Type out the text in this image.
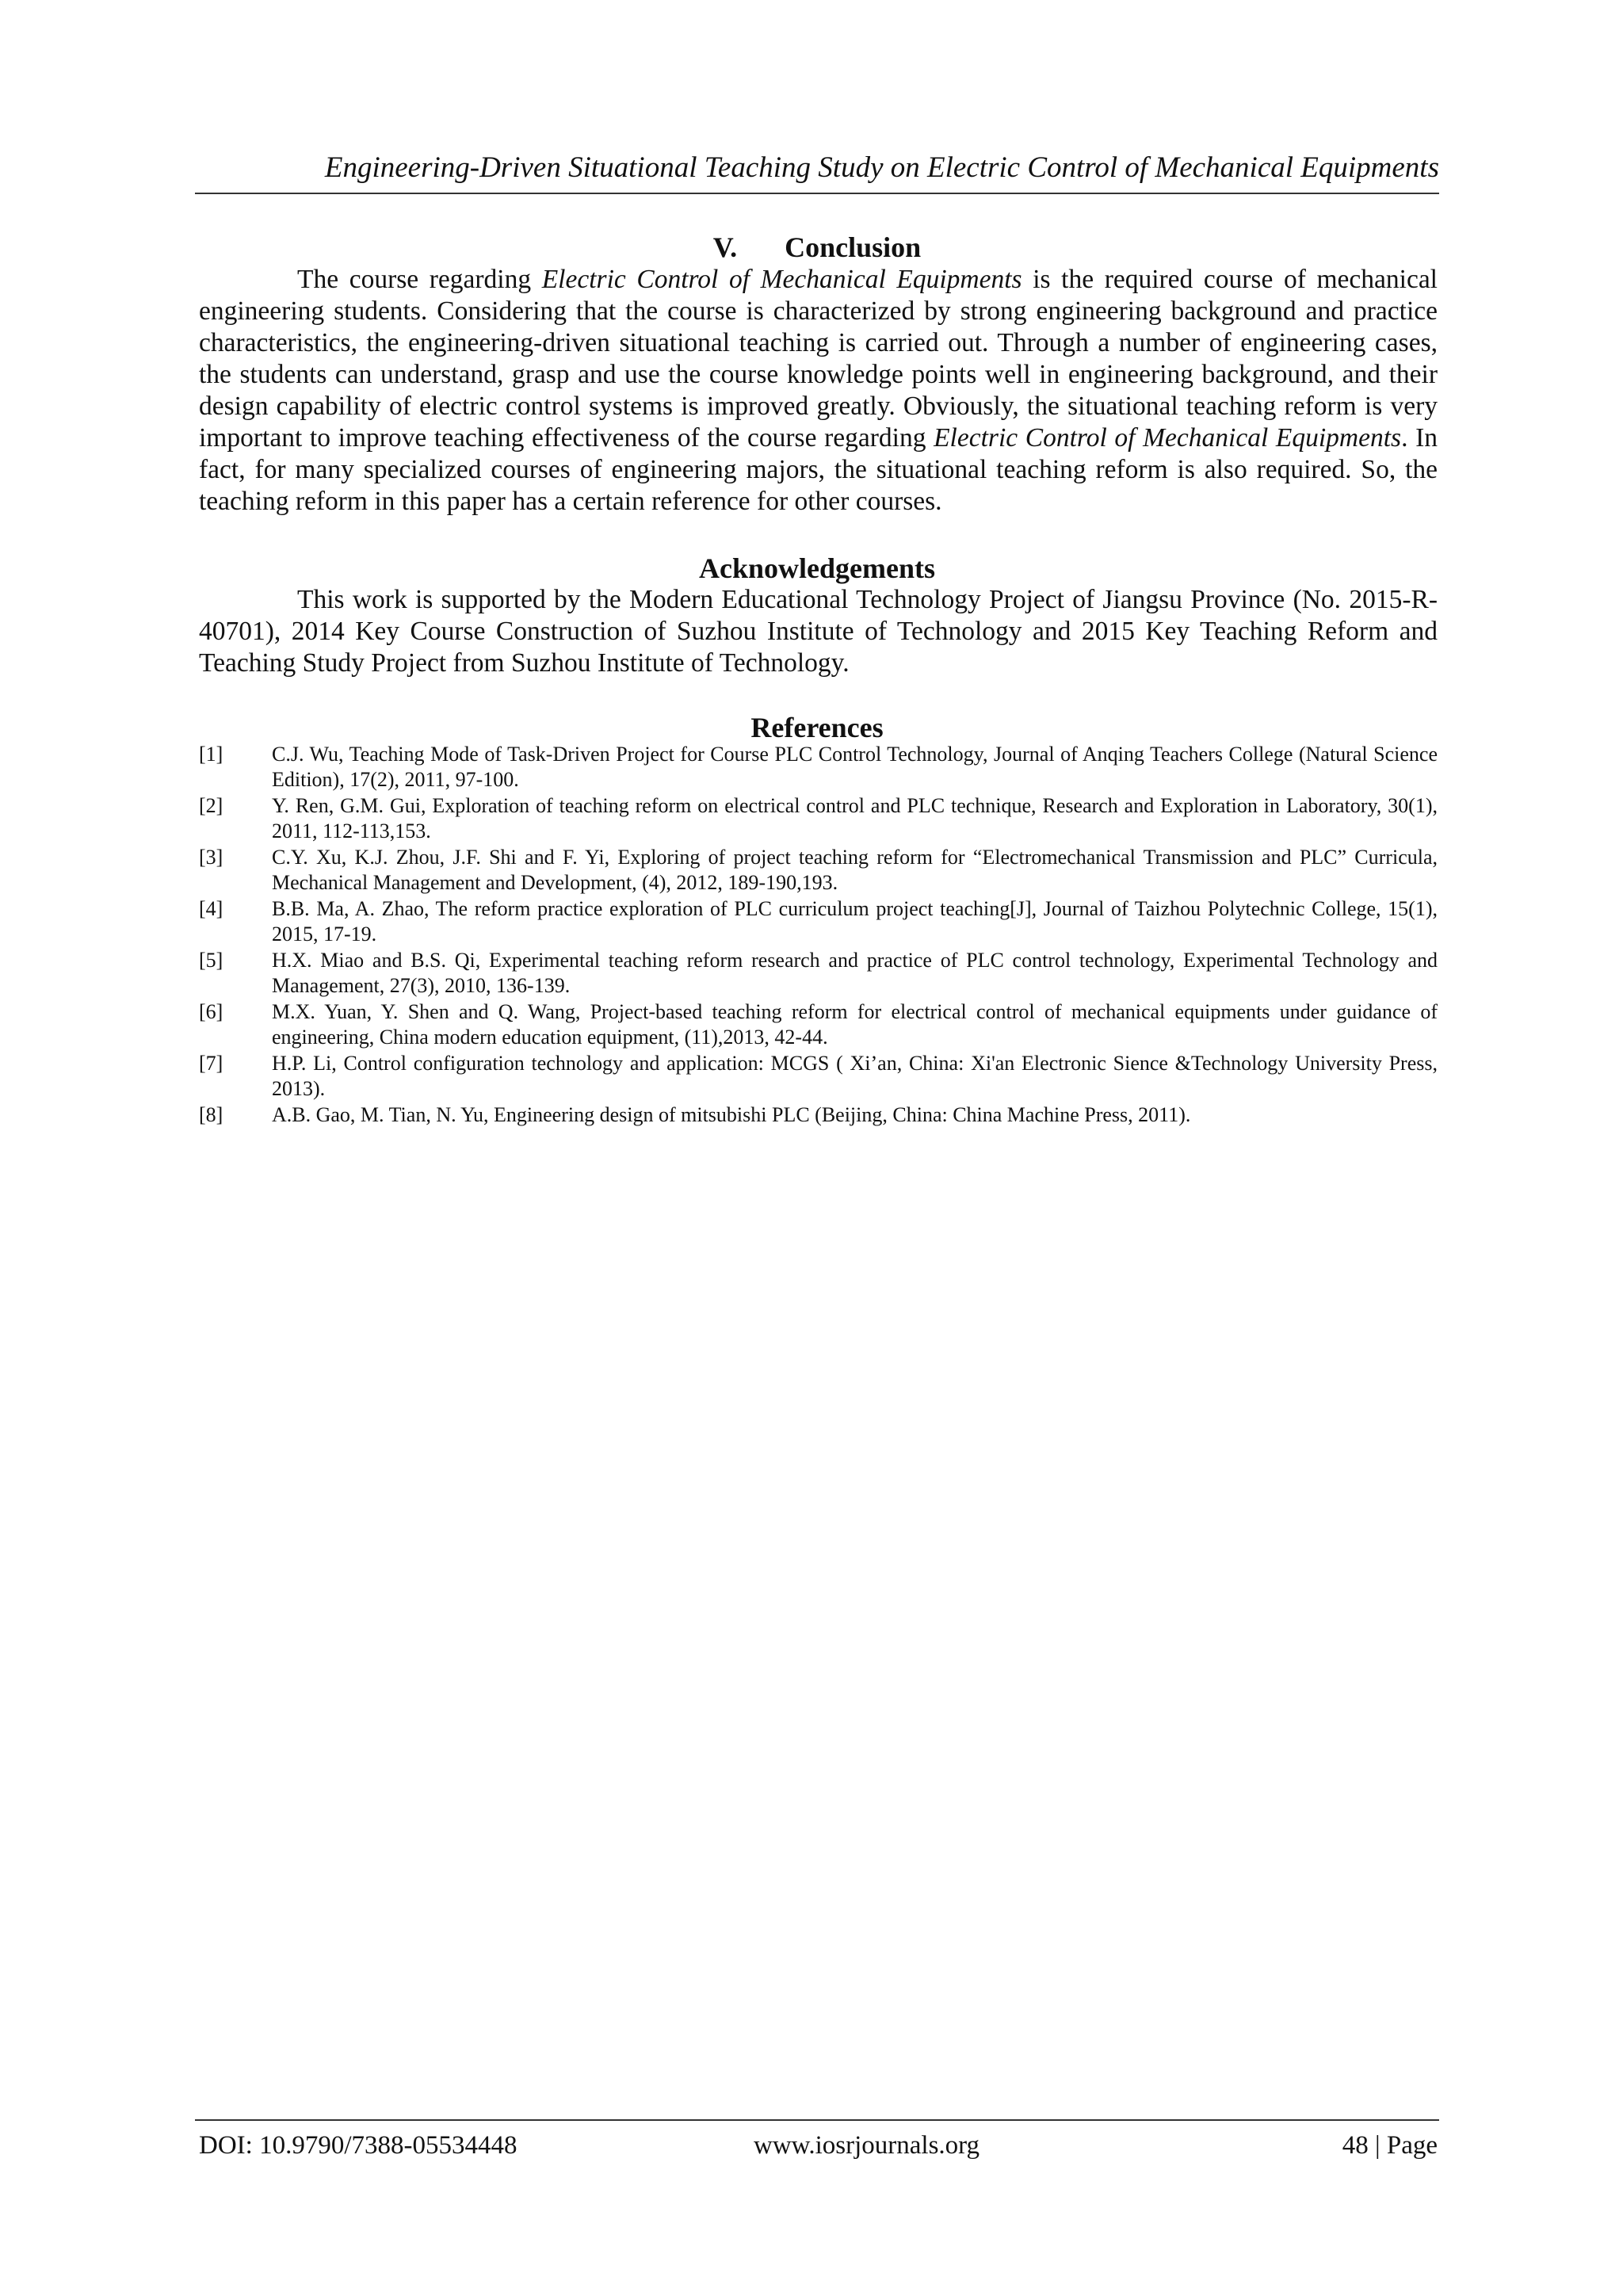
Engineering-Driven Situational Teaching Study on Electric Control of Mechanical Equipments
V. Conclusion

The course regarding Electric Control of Mechanical Equipments is the required course of mechanical engineering students. Considering that the course is characterized by strong engineering background and practice characteristics, the engineering-driven situational teaching is carried out. Through a number of engineering cases, the students can understand, grasp and use the course knowledge points well in engineering background, and their design capability of electric control systems is improved greatly. Obviously, the situational teaching reform is very important to improve teaching effectiveness of the course regarding Electric Control of Mechanical Equipments. In fact, for many specialized courses of engineering majors, the situational teaching reform is also required. So, the teaching reform in this paper has a certain reference for other courses.

Acknowledgements

This work is supported by the Modern Educational Technology Project of Jiangsu Province (No. 2015-R-40701), 2014 Key Course Construction of Suzhou Institute of Technology and 2015 Key Teaching Reform and Teaching Study Project from Suzhou Institute of Technology.

References
[1]	C.J. Wu, Teaching Mode of Task-Driven Project for Course PLC Control Technology, Journal of Anqing Teachers College (Natural Science Edition), 17(2), 2011, 97-100.
[2]	Y. Ren, G.M. Gui, Exploration of teaching reform on electrical control and PLC technique, Research and Exploration in Laboratory, 30(1), 2011, 112-113,153.
[3]	C.Y. Xu, K.J. Zhou, J.F. Shi and F. Yi, Exploring of project teaching reform for “Electromechanical Transmission and PLC” Curricula, Mechanical Management and Development, (4), 2012, 189-190,193.
[4]	B.B. Ma, A. Zhao, The reform practice exploration of PLC curriculum project teaching[J], Journal of Taizhou Polytechnic College, 15(1), 2015, 17-19.
[5]	H.X. Miao and B.S. Qi, Experimental teaching reform research and practice of PLC control technology, Experimental Technology and Management, 27(3), 2010, 136-139.
[6]	M.X. Yuan, Y. Shen and Q. Wang, Project-based teaching reform for electrical control of mechanical equipments under guidance of engineering, China modern education equipment, (11),2013, 42-44.
[7]	H.P. Li, Control configuration technology and application: MCGS ( Xi’an, China: Xi'an Electronic Sience &Technology University Press, 2013).
[8]	A.B. Gao, M. Tian, N. Yu, Engineering design of mitsubishi PLC (Beijing, China: China Machine Press, 2011).
DOI: 10.9790/7388-05534448	www.iosrjournals.org	48 | Page
